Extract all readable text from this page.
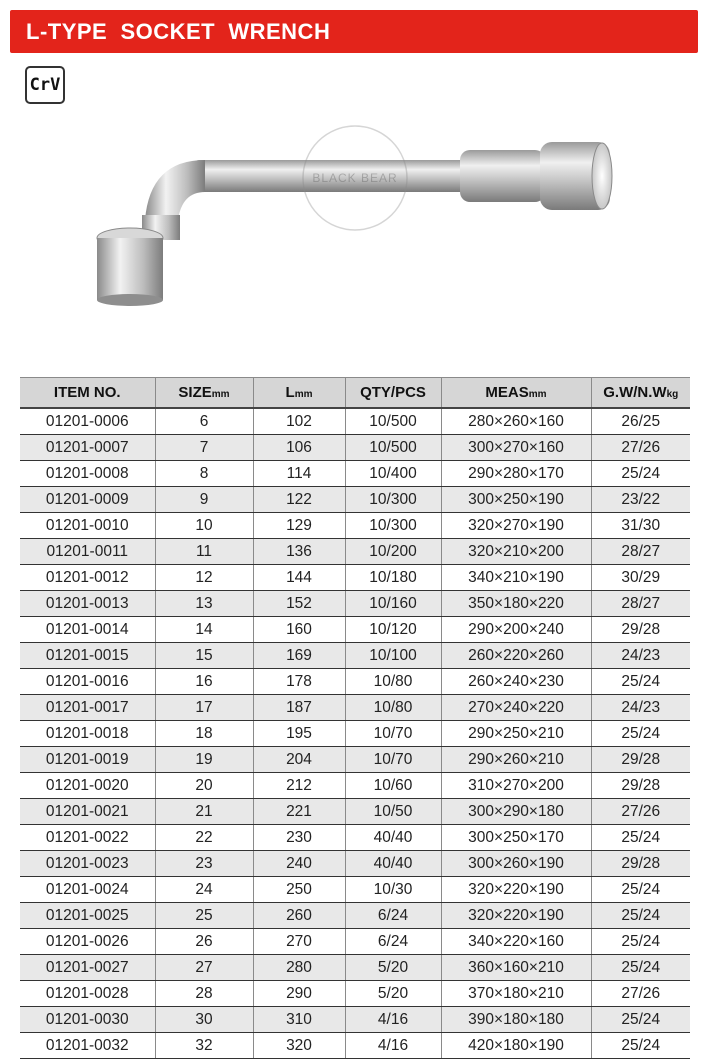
L-TYPE  SOCKET  WRENCH
CrV
BLACK BEAR
ITEM NO.	SIZEmm	Lmm	QTY/PCS	MEASmm	G.W/N.Wkg
01201-0006	6	102	10/500	280×260×160	26/25
01201-0007	7	106	10/500	300×270×160	27/26
01201-0008	8	114	10/400	290×280×170	25/24
01201-0009	9	122	10/300	300×250×190	23/22
01201-0010	10	129	10/300	320×270×190	31/30
01201-0011	11	136	10/200	320×210×200	28/27
01201-0012	12	144	10/180	340×210×190	30/29
01201-0013	13	152	10/160	350×180×220	28/27
01201-0014	14	160	10/120	290×200×240	29/28
01201-0015	15	169	10/100	260×220×260	24/23
01201-0016	16	178	10/80	260×240×230	25/24
01201-0017	17	187	10/80	270×240×220	24/23
01201-0018	18	195	10/70	290×250×210	25/24
01201-0019	19	204	10/70	290×260×210	29/28
01201-0020	20	212	10/60	310×270×200	29/28
01201-0021	21	221	10/50	300×290×180	27/26
01201-0022	22	230	40/40	300×250×170	25/24
01201-0023	23	240	40/40	300×260×190	29/28
01201-0024	24	250	10/30	320×220×190	25/24
01201-0025	25	260	6/24	320×220×190	25/24
01201-0026	26	270	6/24	340×220×160	25/24
01201-0027	27	280	5/20	360×160×210	25/24
01201-0028	28	290	5/20	370×180×210	27/26
01201-0030	30	310	4/16	390×180×180	25/24
01201-0032	32	320	4/16	420×180×190	25/24
